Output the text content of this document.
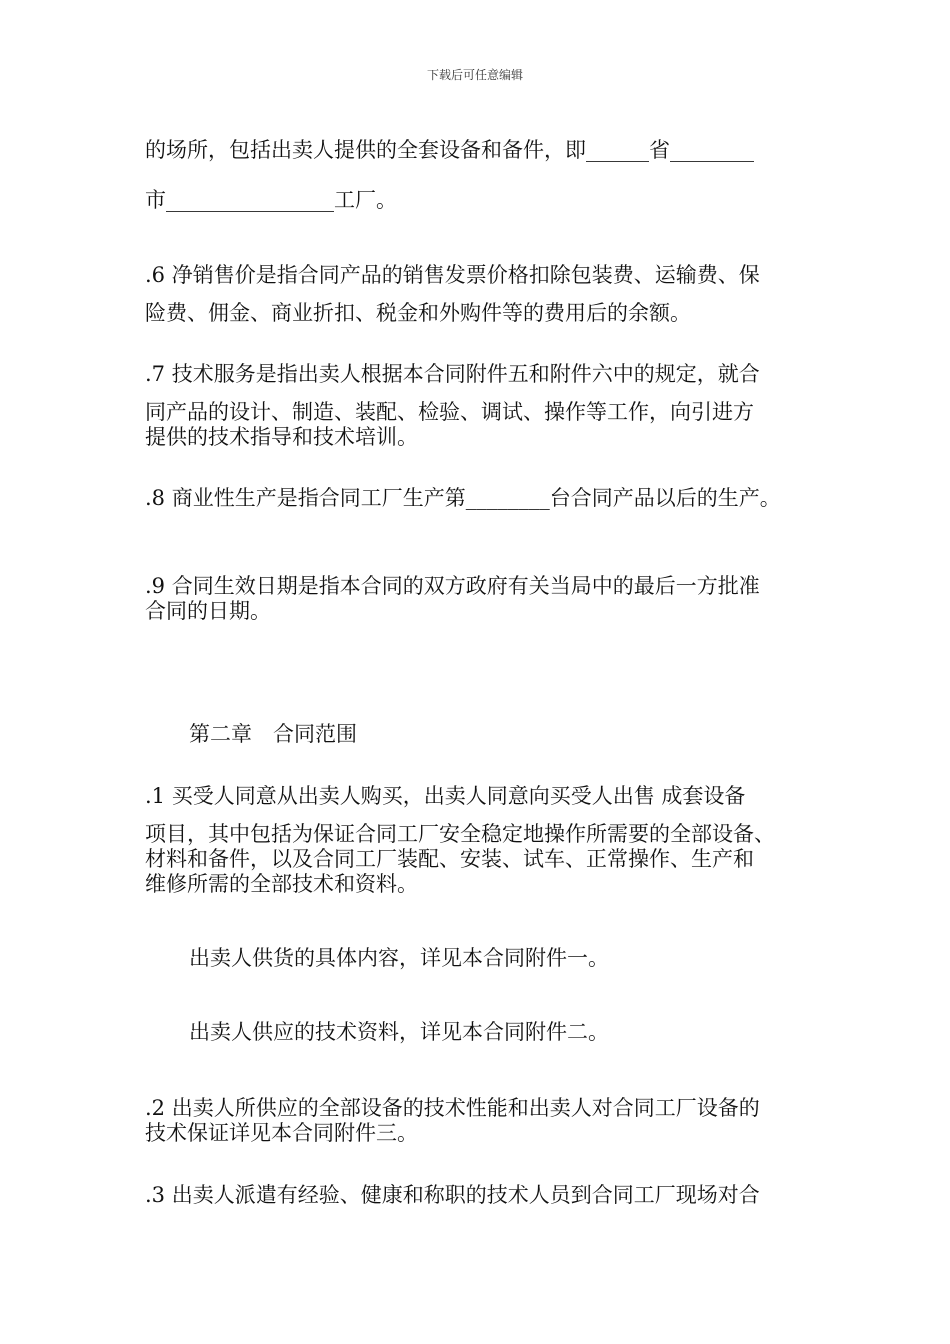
下载后可任意编辑
的场所，包括出卖人提供的全套设备和备件，即______省________
市________________工厂。
.6 净销售价是指合同产品的销售发票价格扣除包装费、运输费、保
险费、佣金、商业折扣、税金和外购件等的费用后的余额。
.7 技术服务是指出卖人根据本合同附件五和附件六中的规定，就合
同产品的设计、制造、装配、检验、调试、操作等工作，向引进方
提供的技术指导和技术培训。
.8 商业性生产是指合同工厂生产第________台合同产品以后的生产。
.9 合同生效日期是指本合同的双方政府有关当局中的最后一方批准
合同的日期。
第二章　合同范围
.1 买受人同意从出卖人购买，出卖人同意向买受人出售 成套设备
项目，其中包括为保证合同工厂安全稳定地操作所需要的全部设备、
材料和备件，以及合同工厂装配、安装、试车、正常操作、生产和
维修所需的全部技术和资料。
出卖人供货的具体内容，详见本合同附件一。
出卖人供应的技术资料，详见本合同附件二。
.2 出卖人所供应的全部设备的技术性能和出卖人对合同工厂设备的
技术保证详见本合同附件三。
.3 出卖人派遣有经验、健康和称职的技术人员到合同工厂现场对合
